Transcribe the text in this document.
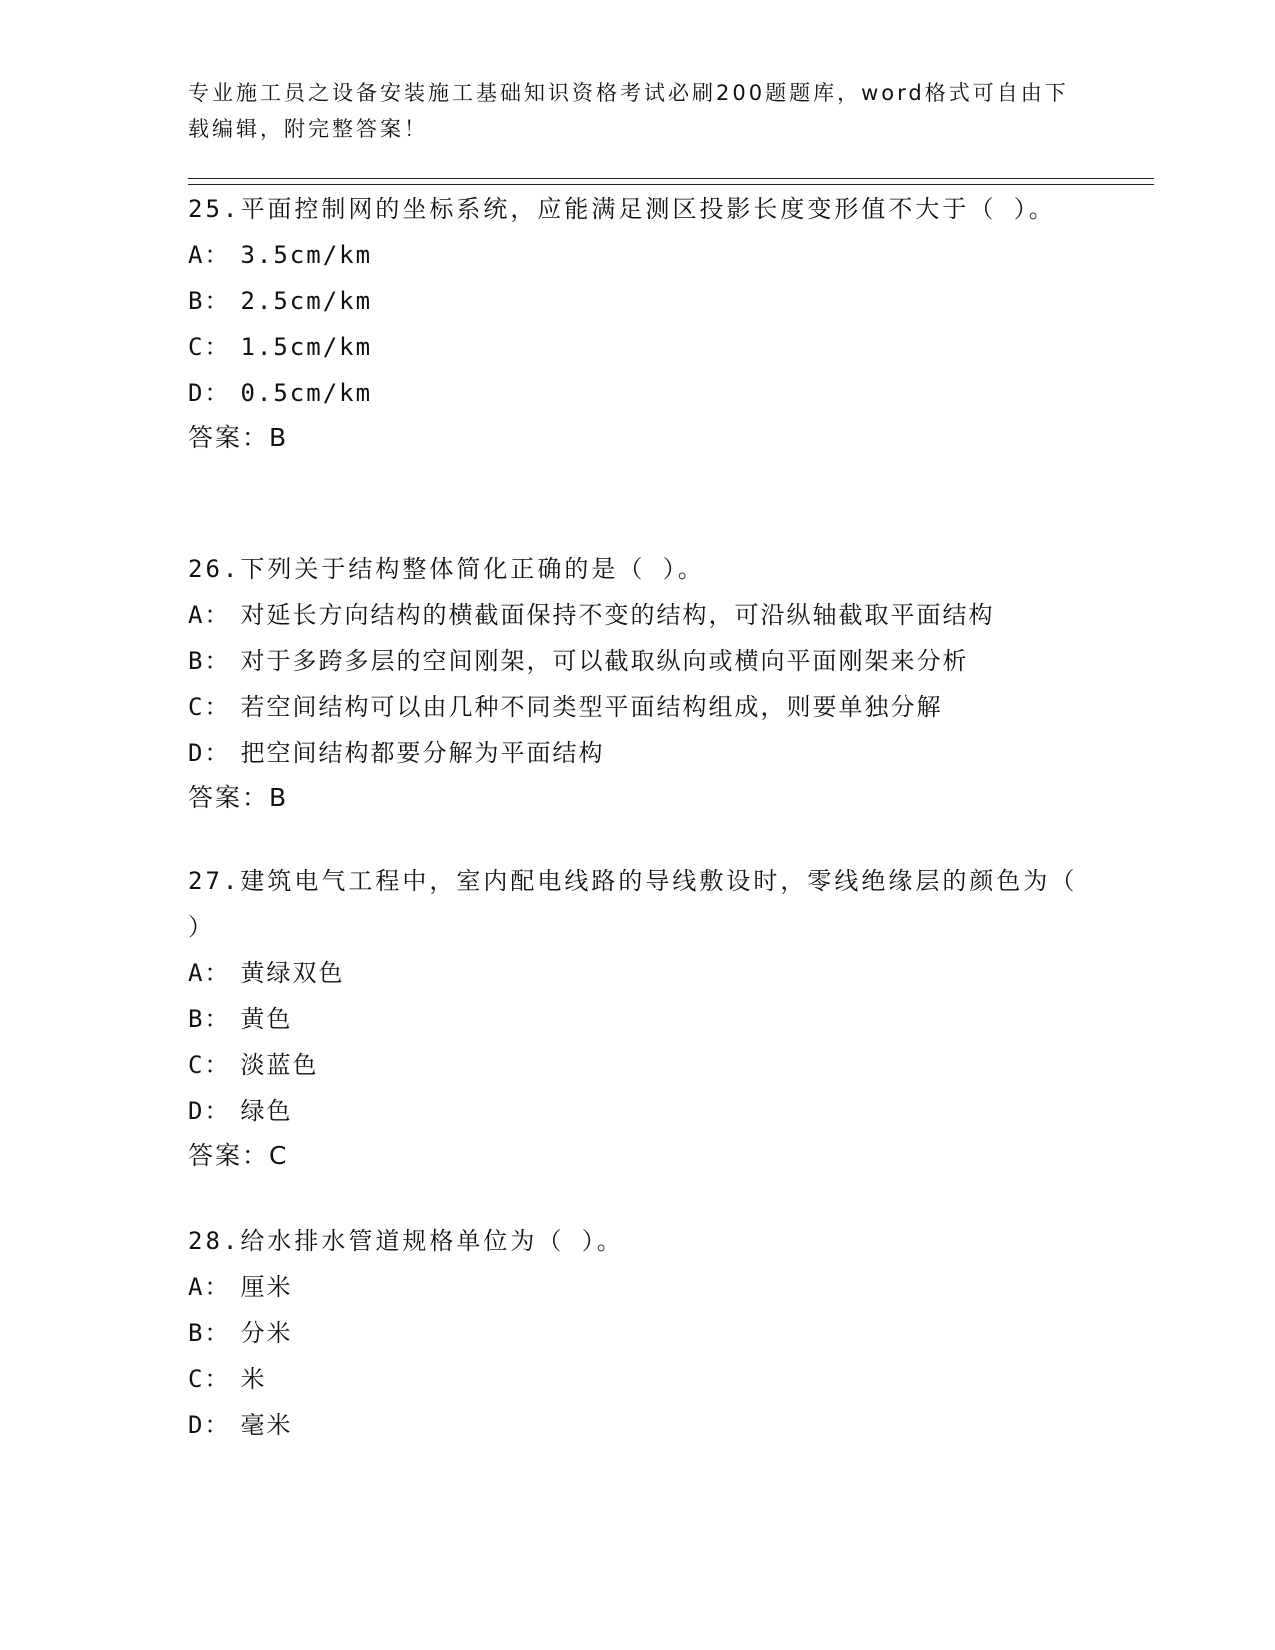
专业施工员之设备安装施工基础知识资格考试必刷200题题库，word格式可自由下载编辑，附完整答案！

25.平面控制网的坐标系统，应能满足测区投影长度变形值不大于（ ）。

A： 3.5cm/km

B： 2.5cm/km

C： 1.5cm/km

D： 0.5cm/km

答案：B

26.下列关于结构整体简化正确的是（ ）。

A： 对延长方向结构的横截面保持不变的结构，可沿纵轴截取平面结构

B： 对于多跨多层的空间刚架，可以截取纵向或横向平面刚架来分析

C： 若空间结构可以由几种不同类型平面结构组成，则要单独分解

D： 把空间结构都要分解为平面结构

答案：B

27.建筑电气工程中，室内配电线路的导线敷设时，零线绝缘层的颜色为（ ）

A： 黄绿双色

B： 黄色

C： 淡蓝色

D： 绿色

答案：C

28.给水排水管道规格单位为（ ）。

A： 厘米

B： 分米

C： 米

D： 毫米
